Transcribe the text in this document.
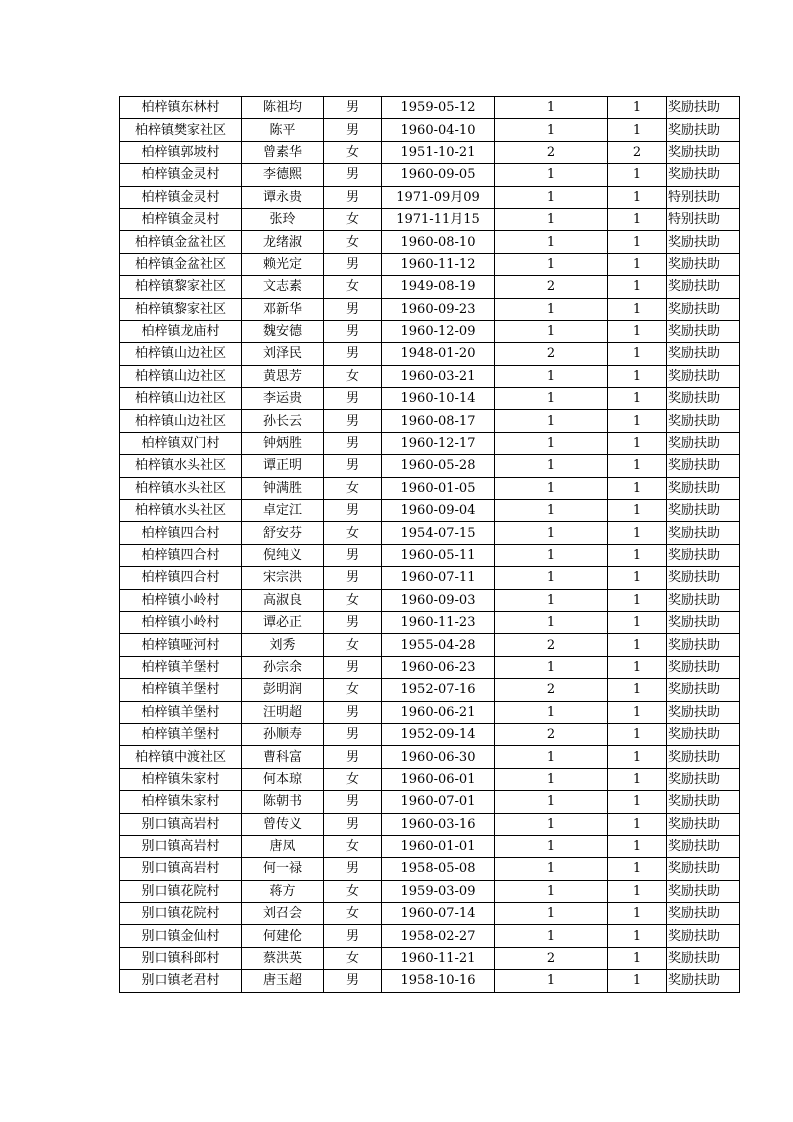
柏梓镇东林村	陈祖均	男	1959-05-12	1	1	奖励扶助
柏梓镇樊家社区	陈平	男	1960-04-10	1	1	奖励扶助
柏梓镇郭坡村	曾素华	女	1951-10-21	2	2	奖励扶助
柏梓镇金灵村	李德熙	男	1960-09-05	1	1	奖励扶助
柏梓镇金灵村	谭永贵	男	1971-09月09	1	1	特别扶助
柏梓镇金灵村	张玲	女	1971-11月15	1	1	特别扶助
柏梓镇金盆社区	龙绪淑	女	1960-08-10	1	1	奖励扶助
柏梓镇金盆社区	赖光定	男	1960-11-12	1	1	奖励扶助
柏梓镇黎家社区	文志素	女	1949-08-19	2	1	奖励扶助
柏梓镇黎家社区	邓新华	男	1960-09-23	1	1	奖励扶助
柏梓镇龙庙村	魏安德	男	1960-12-09	1	1	奖励扶助
柏梓镇山边社区	刘泽民	男	1948-01-20	2	1	奖励扶助
柏梓镇山边社区	黄思芳	女	1960-03-21	1	1	奖励扶助
柏梓镇山边社区	李运贵	男	1960-10-14	1	1	奖励扶助
柏梓镇山边社区	孙长云	男	1960-08-17	1	1	奖励扶助
柏梓镇双门村	钟炳胜	男	1960-12-17	1	1	奖励扶助
柏梓镇水头社区	谭正明	男	1960-05-28	1	1	奖励扶助
柏梓镇水头社区	钟满胜	女	1960-01-05	1	1	奖励扶助
柏梓镇水头社区	卓定江	男	1960-09-04	1	1	奖励扶助
柏梓镇四合村	舒安芬	女	1954-07-15	1	1	奖励扶助
柏梓镇四合村	倪纯义	男	1960-05-11	1	1	奖励扶助
柏梓镇四合村	宋宗洪	男	1960-07-11	1	1	奖励扶助
柏梓镇小岭村	高淑良	女	1960-09-03	1	1	奖励扶助
柏梓镇小岭村	谭必正	男	1960-11-23	1	1	奖励扶助
柏梓镇哑河村	刘秀	女	1955-04-28	2	1	奖励扶助
柏梓镇羊堡村	孙宗余	男	1960-06-23	1	1	奖励扶助
柏梓镇羊堡村	彭明润	女	1952-07-16	2	1	奖励扶助
柏梓镇羊堡村	汪明超	男	1960-06-21	1	1	奖励扶助
柏梓镇羊堡村	孙顺寿	男	1952-09-14	2	1	奖励扶助
柏梓镇中渡社区	曹科富	男	1960-06-30	1	1	奖励扶助
柏梓镇朱家村	何本琼	女	1960-06-01	1	1	奖励扶助
柏梓镇朱家村	陈朝书	男	1960-07-01	1	1	奖励扶助
别口镇高岩村	曾传义	男	1960-03-16	1	1	奖励扶助
别口镇高岩村	唐凤	女	1960-01-01	1	1	奖励扶助
别口镇高岩村	何一禄	男	1958-05-08	1	1	奖励扶助
别口镇花院村	蒋方	女	1959-03-09	1	1	奖励扶助
别口镇花院村	刘召会	女	1960-07-14	1	1	奖励扶助
别口镇金仙村	何建伦	男	1958-02-27	1	1	奖励扶助
别口镇科郎村	蔡洪英	女	1960-11-21	2	1	奖励扶助
别口镇老君村	唐玉超	男	1958-10-16	1	1	奖励扶助
